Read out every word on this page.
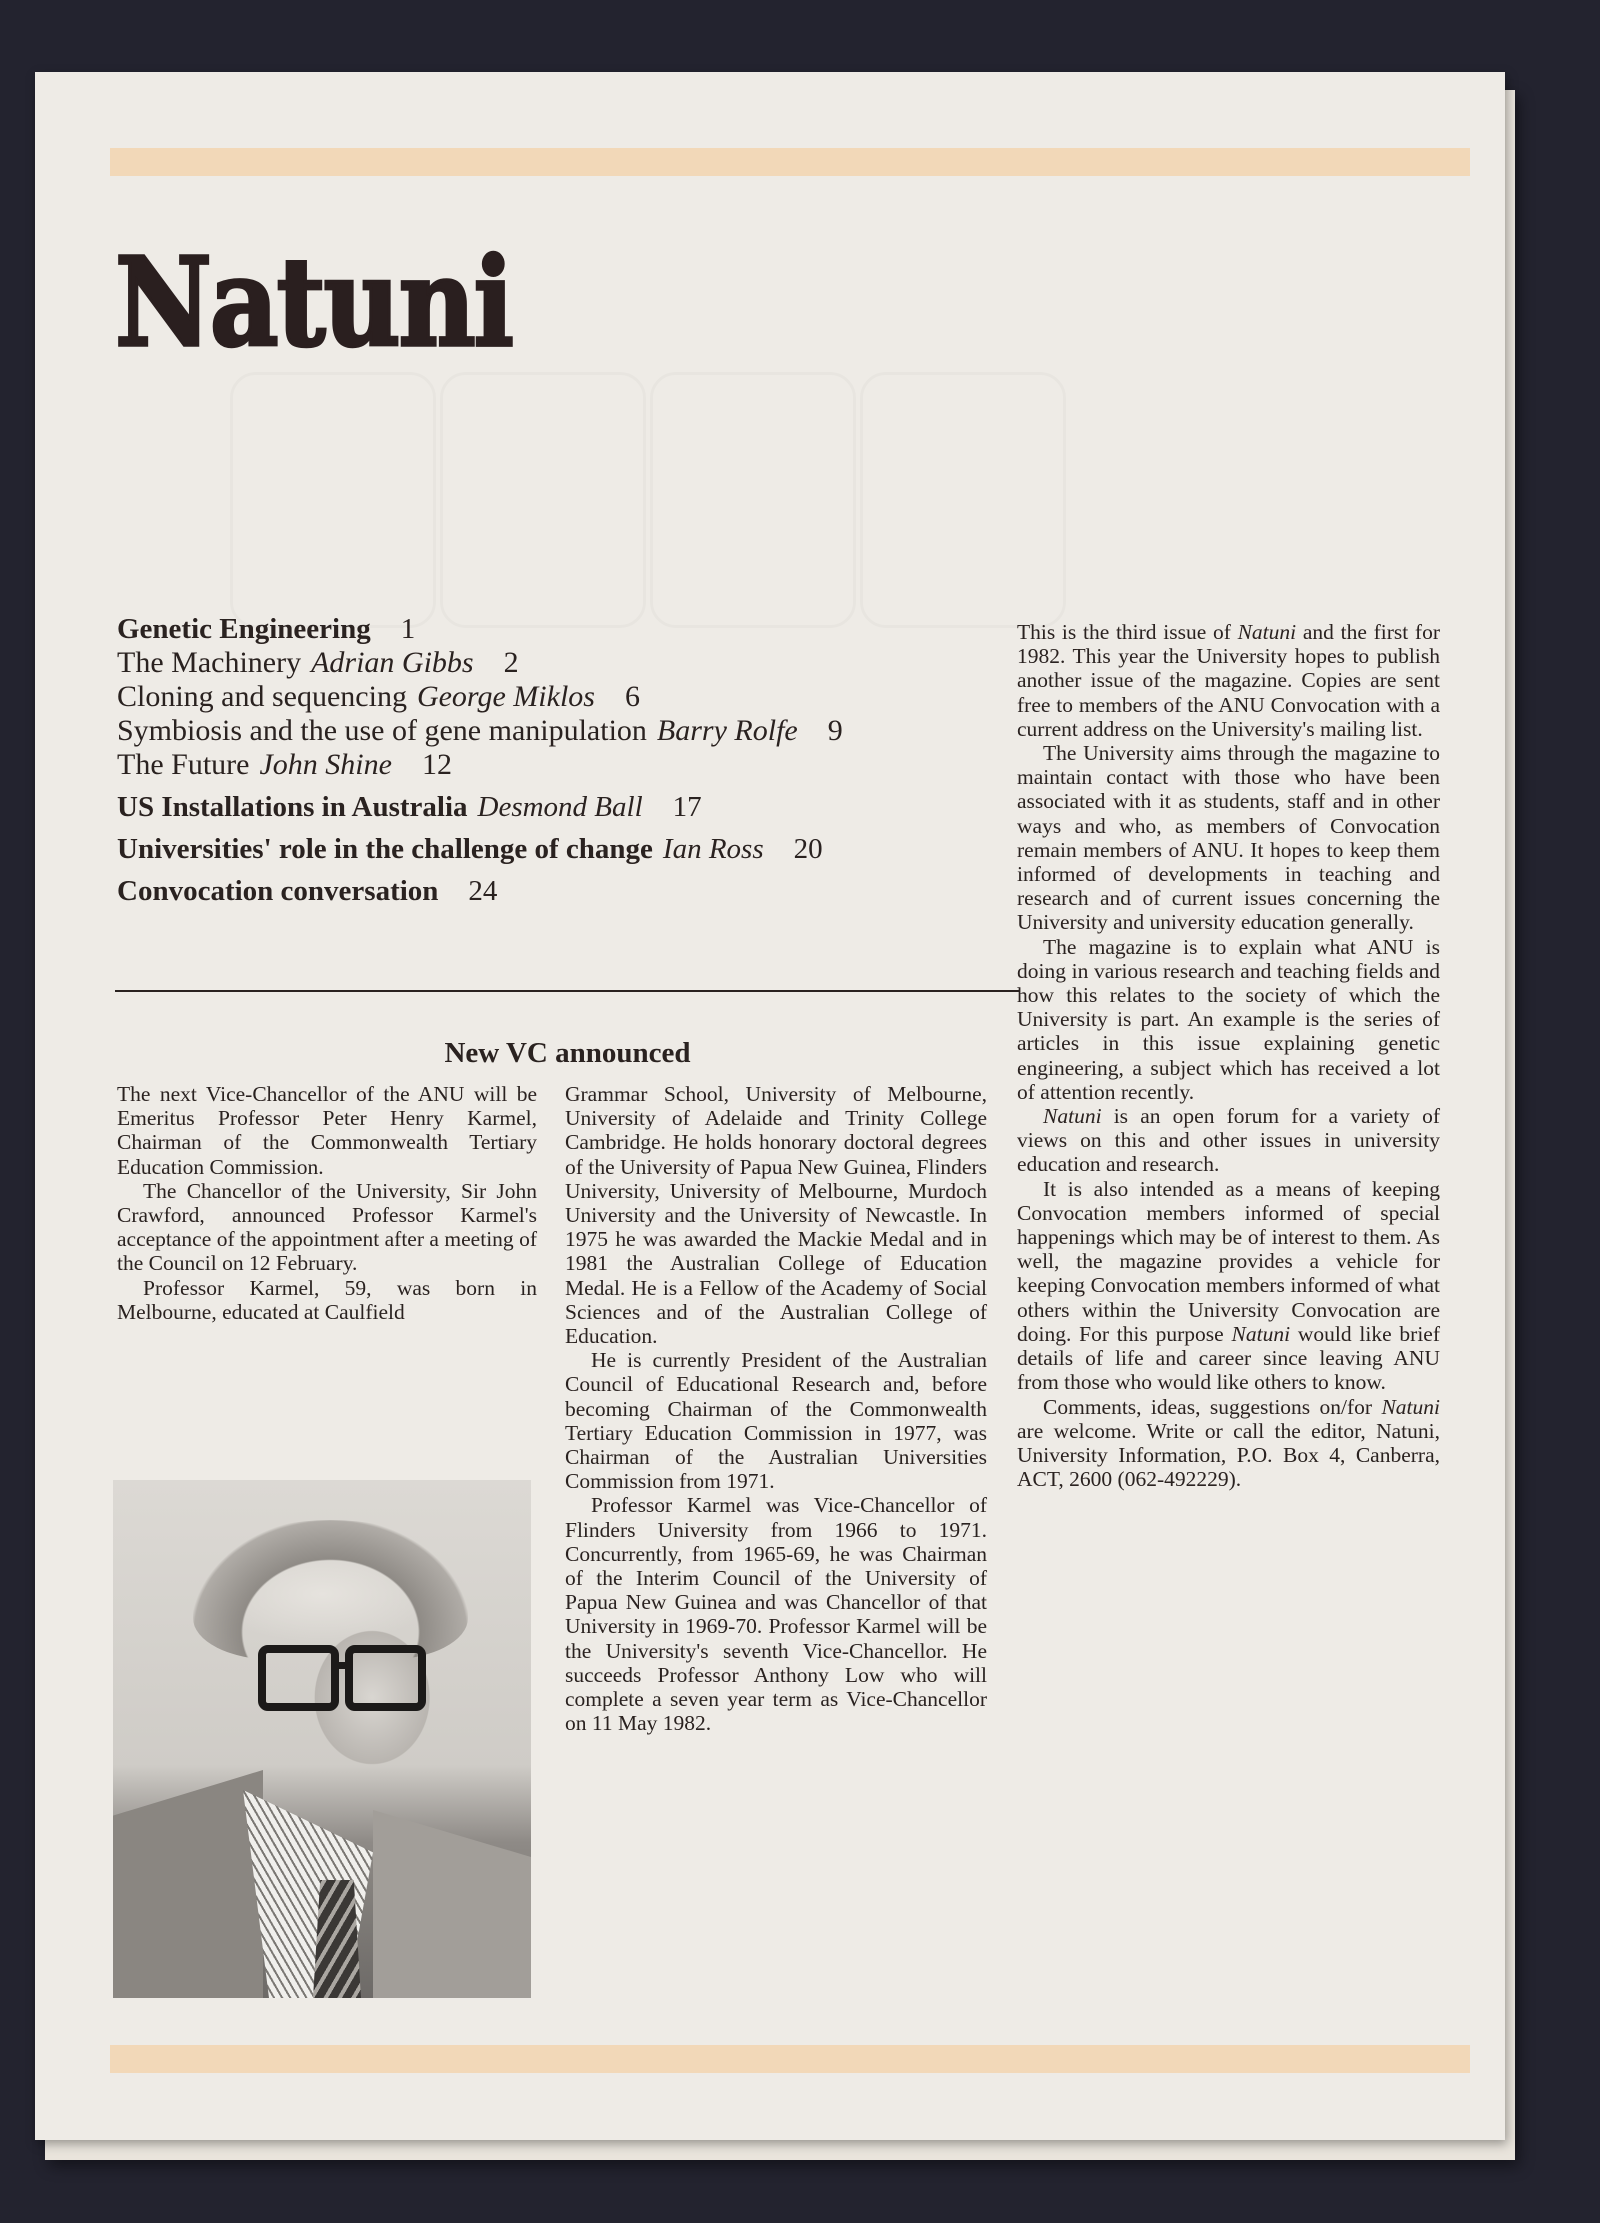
Natuni
Genetic Engineering 1
The Machinery Adrian Gibbs 2
Cloning and sequencing George Miklos 6
Symbiosis and the use of gene manipulation Barry Rolfe 9
The Future John Shine 12
US Installations in Australia Desmond Ball 17
Universities' role in the challenge of change Ian Ross 20
Convocation conversation 24
New VC announced

The next Vice-Chancellor of the ANU will be Emeritus Professor Peter Henry Karmel, Chairman of the Commonwealth Tertiary Education Commission.

The Chancellor of the University, Sir John Crawford, announced Professor Karmel's acceptance of the appointment after a meeting of the Council on 12 February.

Professor Karmel, 59, was born in Melbourne, educated at Caulfield

Grammar School, University of Melbourne, University of Adelaide and Trinity College Cambridge. He holds honorary doctoral degrees of the University of Papua New Guinea, Flinders University, University of Melbourne, Murdoch University and the University of Newcastle. In 1975 he was awarded the Mackie Medal and in 1981 the Australian College of Education Medal. He is a Fellow of the Academy of Social Sciences and of the Australian College of Education.

He is currently President of the Australian Council of Educational Research and, before becoming Chairman of the Commonwealth Tertiary Education Commission in 1977, was Chairman of the Australian Universities Commission from 1971.

Professor Karmel was Vice-Chancellor of Flinders University from 1966 to 1971. Concurrently, from 1965-69, he was Chairman of the Interim Council of the University of Papua New Guinea and was Chancellor of that University in 1969-70. Professor Karmel will be the University's seventh Vice-Chancellor. He succeeds Professor Anthony Low who will complete a seven year term as Vice-Chancellor on 11 May 1982.

This is the third issue of Natuni and the first for 1982. This year the University hopes to publish another issue of the magazine. Copies are sent free to members of the ANU Convocation with a current address on the University's mailing list.

The University aims through the magazine to maintain contact with those who have been associated with it as students, staff and in other ways and who, as members of Convocation remain members of ANU. It hopes to keep them informed of developments in teaching and research and of current issues concerning the University and university education generally.

The magazine is to explain what ANU is doing in various research and teaching fields and how this relates to the society of which the University is part. An example is the series of articles in this issue explaining genetic engineering, a subject which has received a lot of attention recently.

Natuni is an open forum for a variety of views on this and other issues in university education and research.

It is also intended as a means of keeping Convocation members informed of special happenings which may be of interest to them. As well, the magazine provides a vehicle for keeping Convocation members informed of what others within the University Convocation are doing. For this purpose Natuni would like brief details of life and career since leaving ANU from those who would like others to know.

Comments, ideas, suggestions on/for Natuni are welcome. Write or call the editor, Natuni, University Information, P.O. Box 4, Canberra, ACT, 2600 (062-492229).
